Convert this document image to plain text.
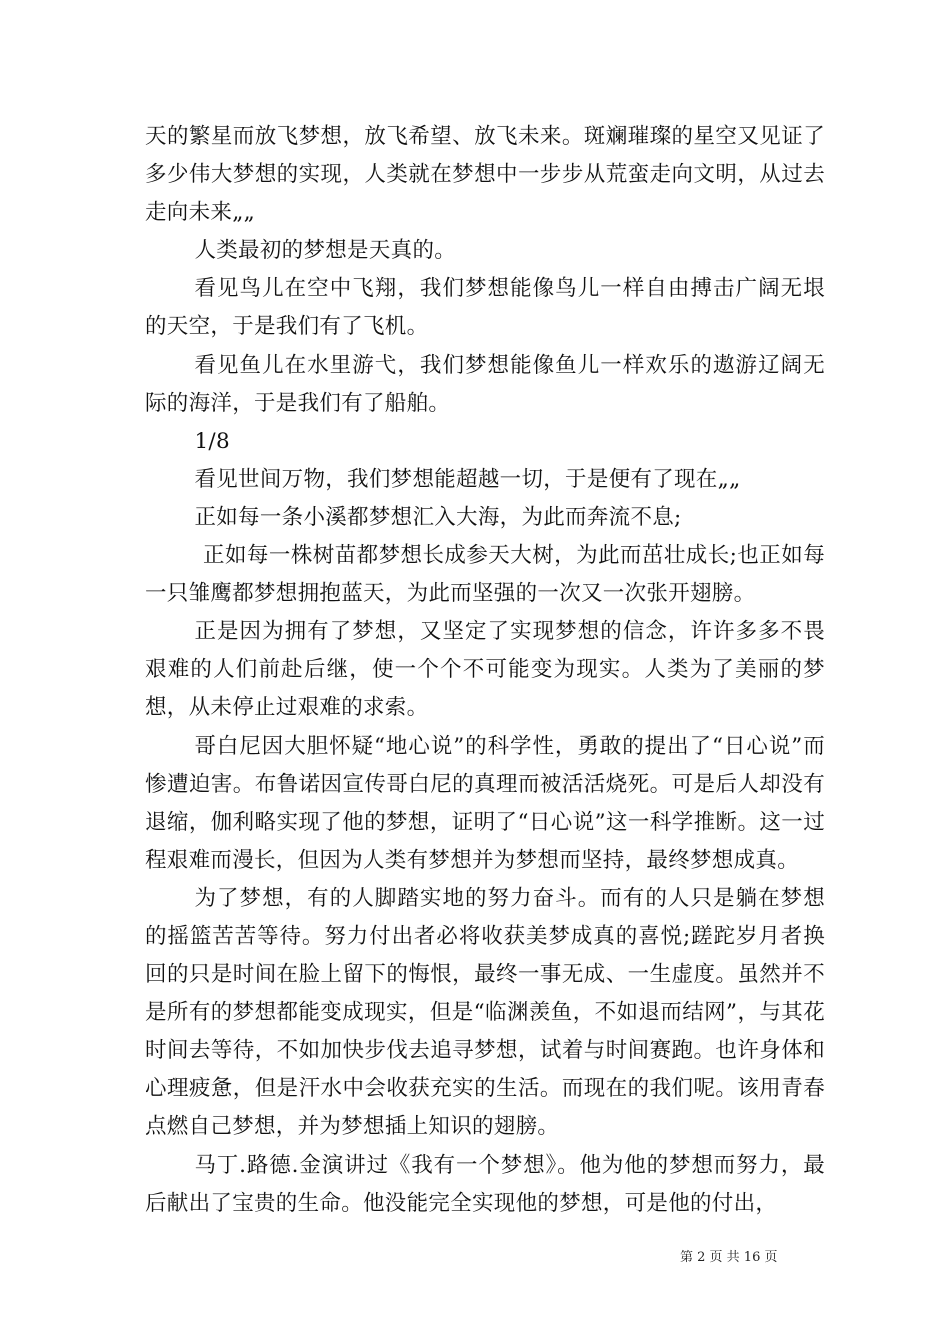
天的繁星而放飞梦想，放飞希望、放飞未来。斑斓璀璨的星空又见证了多少伟大梦想的实现，人类就在梦想中一步步从荒蛮走向文明，从过去走向未来„„

人类最初的梦想是天真的。

看见鸟儿在空中飞翔，我们梦想能像鸟儿一样自由搏击广阔无垠的天空，于是我们有了飞机。

看见鱼儿在水里游弋，我们梦想能像鱼儿一样欢乐的遨游辽阔无际的海洋，于是我们有了船舶。

1/8

看见世间万物，我们梦想能超越一切，于是便有了现在„„

正如每一条小溪都梦想汇入大海，为此而奔流不息;

正如每一株树苗都梦想长成参天大树，为此而茁壮成长;也正如每一只雏鹰都梦想拥抱蓝天，为此而坚强的一次又一次张开翅膀。

正是因为拥有了梦想，又坚定了实现梦想的信念，许许多多不畏艰难的人们前赴后继，使一个个不可能变为现实。人类为了美丽的梦想，从未停止过艰难的求索。

哥白尼因大胆怀疑“地心说”的科学性，勇敢的提出了“日心说”而惨遭迫害。布鲁诺因宣传哥白尼的真理而被活活烧死。可是后人却没有退缩，伽利略实现了他的梦想，证明了“日心说”这一科学推断。这一过程艰难而漫长，但因为人类有梦想并为梦想而坚持，最终梦想成真。

为了梦想，有的人脚踏实地的努力奋斗。而有的人只是躺在梦想的摇篮苦苦等待。努力付出者必将收获美梦成真的喜悦;蹉跎岁月者换回的只是时间在脸上留下的悔恨，最终一事无成、一生虚度。虽然并不是所有的梦想都能变成现实，但是“临渊羡鱼，不如退而结网”，与其花时间去等待，不如加快步伐去追寻梦想，试着与时间赛跑。也许身体和心理疲惫，但是汗水中会收获充实的生活。而现在的我们呢。该用青春点燃自己梦想，并为梦想插上知识的翅膀。

马丁.路德.金演讲过《我有一个梦想》。他为他的梦想而努力，最后献出了宝贵的生命。他没能完全实现他的梦想，可是他的付出，

第 2 页 共 16 页
